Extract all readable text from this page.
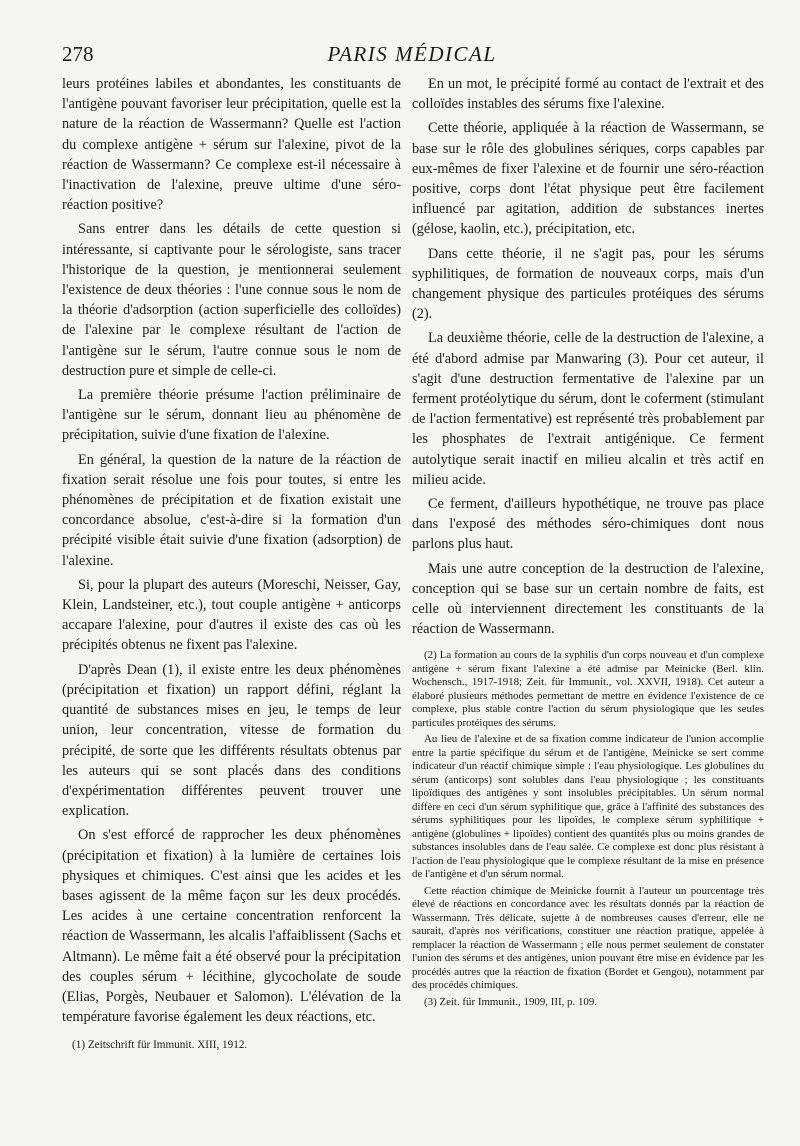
278	PARIS MÉDICAL

leurs protéines labiles et abondantes, les constituants de l'antigène pouvant favoriser leur précipitation, quelle est la nature de la réaction de Wassermann? Quelle est l'action du complexe antigène + sérum sur l'alexine, pivot de la réaction de Wassermann? Ce complexe est-il nécessaire à l'inactivation de l'alexine, preuve ultime d'une séro-réaction positive?

Sans entrer dans les détails de cette question si intéressante, si captivante pour le sérologiste, sans tracer l'historique de la question, je mentionnerai seulement l'existence de deux théories : l'une connue sous le nom de la théorie d'adsorption (action superficielle des colloïdes) de l'alexine par le complexe résultant de l'action de l'antigène sur le sérum, l'autre connue sous le nom de destruction pure et simple de celle-ci.

La première théorie présume l'action préliminaire de l'antigène sur le sérum, donnant lieu au phénomène de précipitation, suivie d'une fixation de l'alexine.

En général, la question de la nature de la réaction de fixation serait résolue une fois pour toutes, si entre les phénomènes de précipitation et de fixation existait une concordance absolue, c'est-à-dire si la formation d'un précipité visible était suivie d'une fixation (adsorption) de l'alexine.

Si, pour la plupart des auteurs (Moreschi, Neisser, Gay, Klein, Landsteiner, etc.), tout couple antigène + anticorps accapare l'alexine, pour d'autres il existe des cas où les précipités obtenus ne fixent pas l'alexine.

D'après Dean (1), il existe entre les deux phénomènes (précipitation et fixation) un rapport défini, réglant la quantité de substances mises en jeu, le temps de leur union, leur concentration, vitesse de formation du précipité, de sorte que les différents résultats obtenus par les auteurs qui se sont placés dans des conditions d'expérimentation différentes peuvent trouver une explication.

On s'est efforcé de rapprocher les deux phénomènes (précipitation et fixation) à la lumière de certaines lois physiques et chimiques. C'est ainsi que les acides et les bases agissent de la même façon sur les deux procédés. Les acides à une certaine concentration renforcent la réaction de Wassermann, les alcalis l'affaiblissent (Sachs et Altmann). Le même fait a été observé pour la précipitation des couples sérum + lécithine, glycocholate de soude (Elias, Porgès, Neubauer et Salomon). L'élévation de la température favorise également les deux réactions, etc.

(1) Zeitschrift für Immunit. XIII, 1912.

En un mot, le précipité formé au contact de l'extrait et des colloïdes instables des sérums fixe l'alexine.

Cette théorie, appliquée à la réaction de Wassermann, se base sur le rôle des globulines sériques, corps capables par eux-mêmes de fixer l'alexine et de fournir une séro-réaction positive, corps dont l'état physique peut être facilement influencé par agitation, addition de substances inertes (gélose, kaolin, etc.), précipitation, etc.

Dans cette théorie, il ne s'agit pas, pour les sérums syphilitiques, de formation de nouveaux corps, mais d'un changement physique des particules protéiques des sérums (2).

La deuxième théorie, celle de la destruction de l'alexine, a été d'abord admise par Manwaring (3). Pour cet auteur, il s'agit d'une destruction fermentative de l'alexine par un ferment protéolytique du sérum, dont le coferment (stimulant de l'action fermentative) est représenté très probablement par les phosphates de l'extrait antigénique. Ce ferment autolytique serait inactif en milieu alcalin et très actif en milieu acide.

Ce ferment, d'ailleurs hypothétique, ne trouve pas place dans l'exposé des méthodes séro-chimiques dont nous parlons plus haut.

Mais une autre conception de la destruction de l'alexine, conception qui se base sur un certain nombre de faits, est celle où interviennent directement les constituants de la réaction de Wassermann.

(2) La formation au cours de la syphilis d'un corps nouveau et d'un complexe antigène + sérum fixant l'alexine a été admise par Meinicke (Berl. klin. Wochensch., 1917-1918; Zeit. für Immunit., vol. XXVII, 1918). Cet auteur a élaboré plusieurs méthodes permettant de mettre en évidence l'existence de ce complexe, plus stable contre l'action du sérum physiologique que les seules particules protéiques des sérums.

Au lieu de l'alexine et de sa fixation comme indicateur de l'union accomplie entre la partie spécifique du sérum et de l'antigène, Meinicke se sert comme indicateur d'un réactif chimique simple : l'eau physiologique. Les globulines du sérum (anticorps) sont solubles dans l'eau physiologique ; les constituants lipoïdiques des antigènes y sont insolubles précipitables. Un sérum normal diffère en ceci d'un sérum syphilitique que, grâce à l'affinité des substances des sérums syphilitiques pour les lipoïdes, le complexe sérum syphilitique + antigène (globulines + lipoïdes) contient des quantités plus ou moins grandes de substances insolubles dans de l'eau salée. Ce complexe est donc plus résistant à l'action de l'eau physiologique que le complexe résultant de la mise en présence de l'antigène et d'un sérum normal.

Cette réaction chimique de Meinicke fournit à l'auteur un pourcentage très élevé de réactions en concordance avec les résultats donnés par la réaction de Wassermann. Très délicate, sujette à de nombreuses causes d'erreur, elle ne saurait, d'après nos vérifications, constituer une réaction pratique, appelée à remplacer la réaction de Wassermann ; elle nous permet seulement de constater l'union des sérums et des antigènes, union pouvant être mise en évidence par les procédés autres que la réaction de fixation (Bordet et Gengou), notamment par des procédés chimiques.

(3) Zeit. für Immunit., 1909, III, p. 109.
